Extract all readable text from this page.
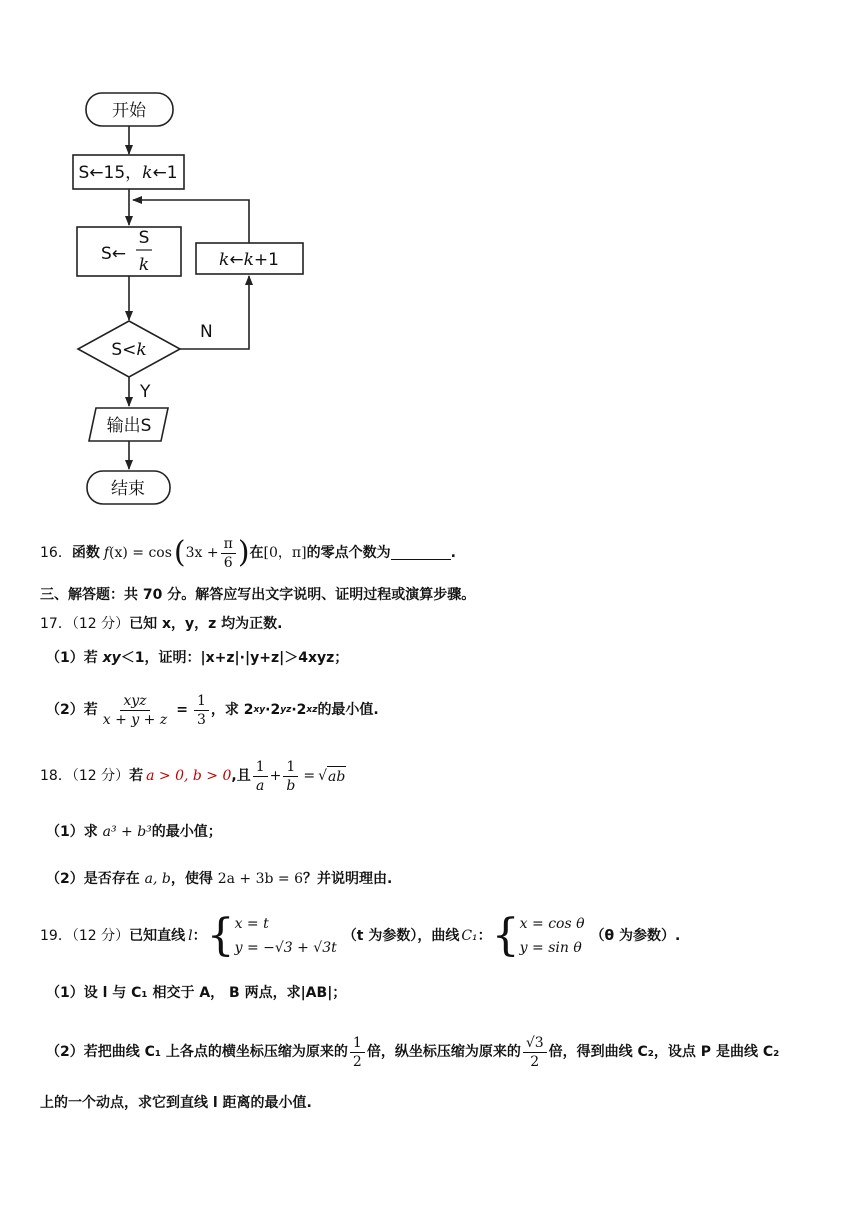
开始
S←15，k←1
S←
S
k	k←k+1
S<k
N
Y
输出S
结束
16． 函数 f (x) = cos ( $3x + \frac{\pi}{6}$ ) 在 [0，π] 的零点个数为	.
三、解答题：共 70 分。解答应写出文字说明、证明过程或演算步骤。
17．（12 分）已知 x，y，z 均为正数.
（1）若 xy＜1，证明：|x+z|·|y+z|＞4xyz；
（2）若 $\frac{\text{xyz}}{x + y + z} = \frac{1}{3}$ ，求 2 xy ·2 yz ·2 xz 的最小值.
18．（12 分） 若 a > 0, b > 0 ,且 $\frac{1}{a} + \frac{1}{b}$ = √ ab
（1）求 a³ + b³的最小值；
（2）是否存在 a, b，使得 2a + 3b = 6？并说明理由.
19．（12 分） 已知直线 l ： { x = t
y = −√3 + √3t
（t 为参数），曲线 C₁ ： { x = cos θ
y = sin θ
（θ 为参数）.
（1）设 l 与 C₁ 相交于 A， B 两点，求|AB|；
（2）若把曲线 C₁ 上各点的横坐标压缩为原来的 $\frac{1}{2}$ 倍，纵坐标压缩为原来的 $\frac{√3}{2}$ 倍，得到曲线 C₂，设点 P 是曲线 C₂
上的一个动点，求它到直线 l 距离的最小值.
